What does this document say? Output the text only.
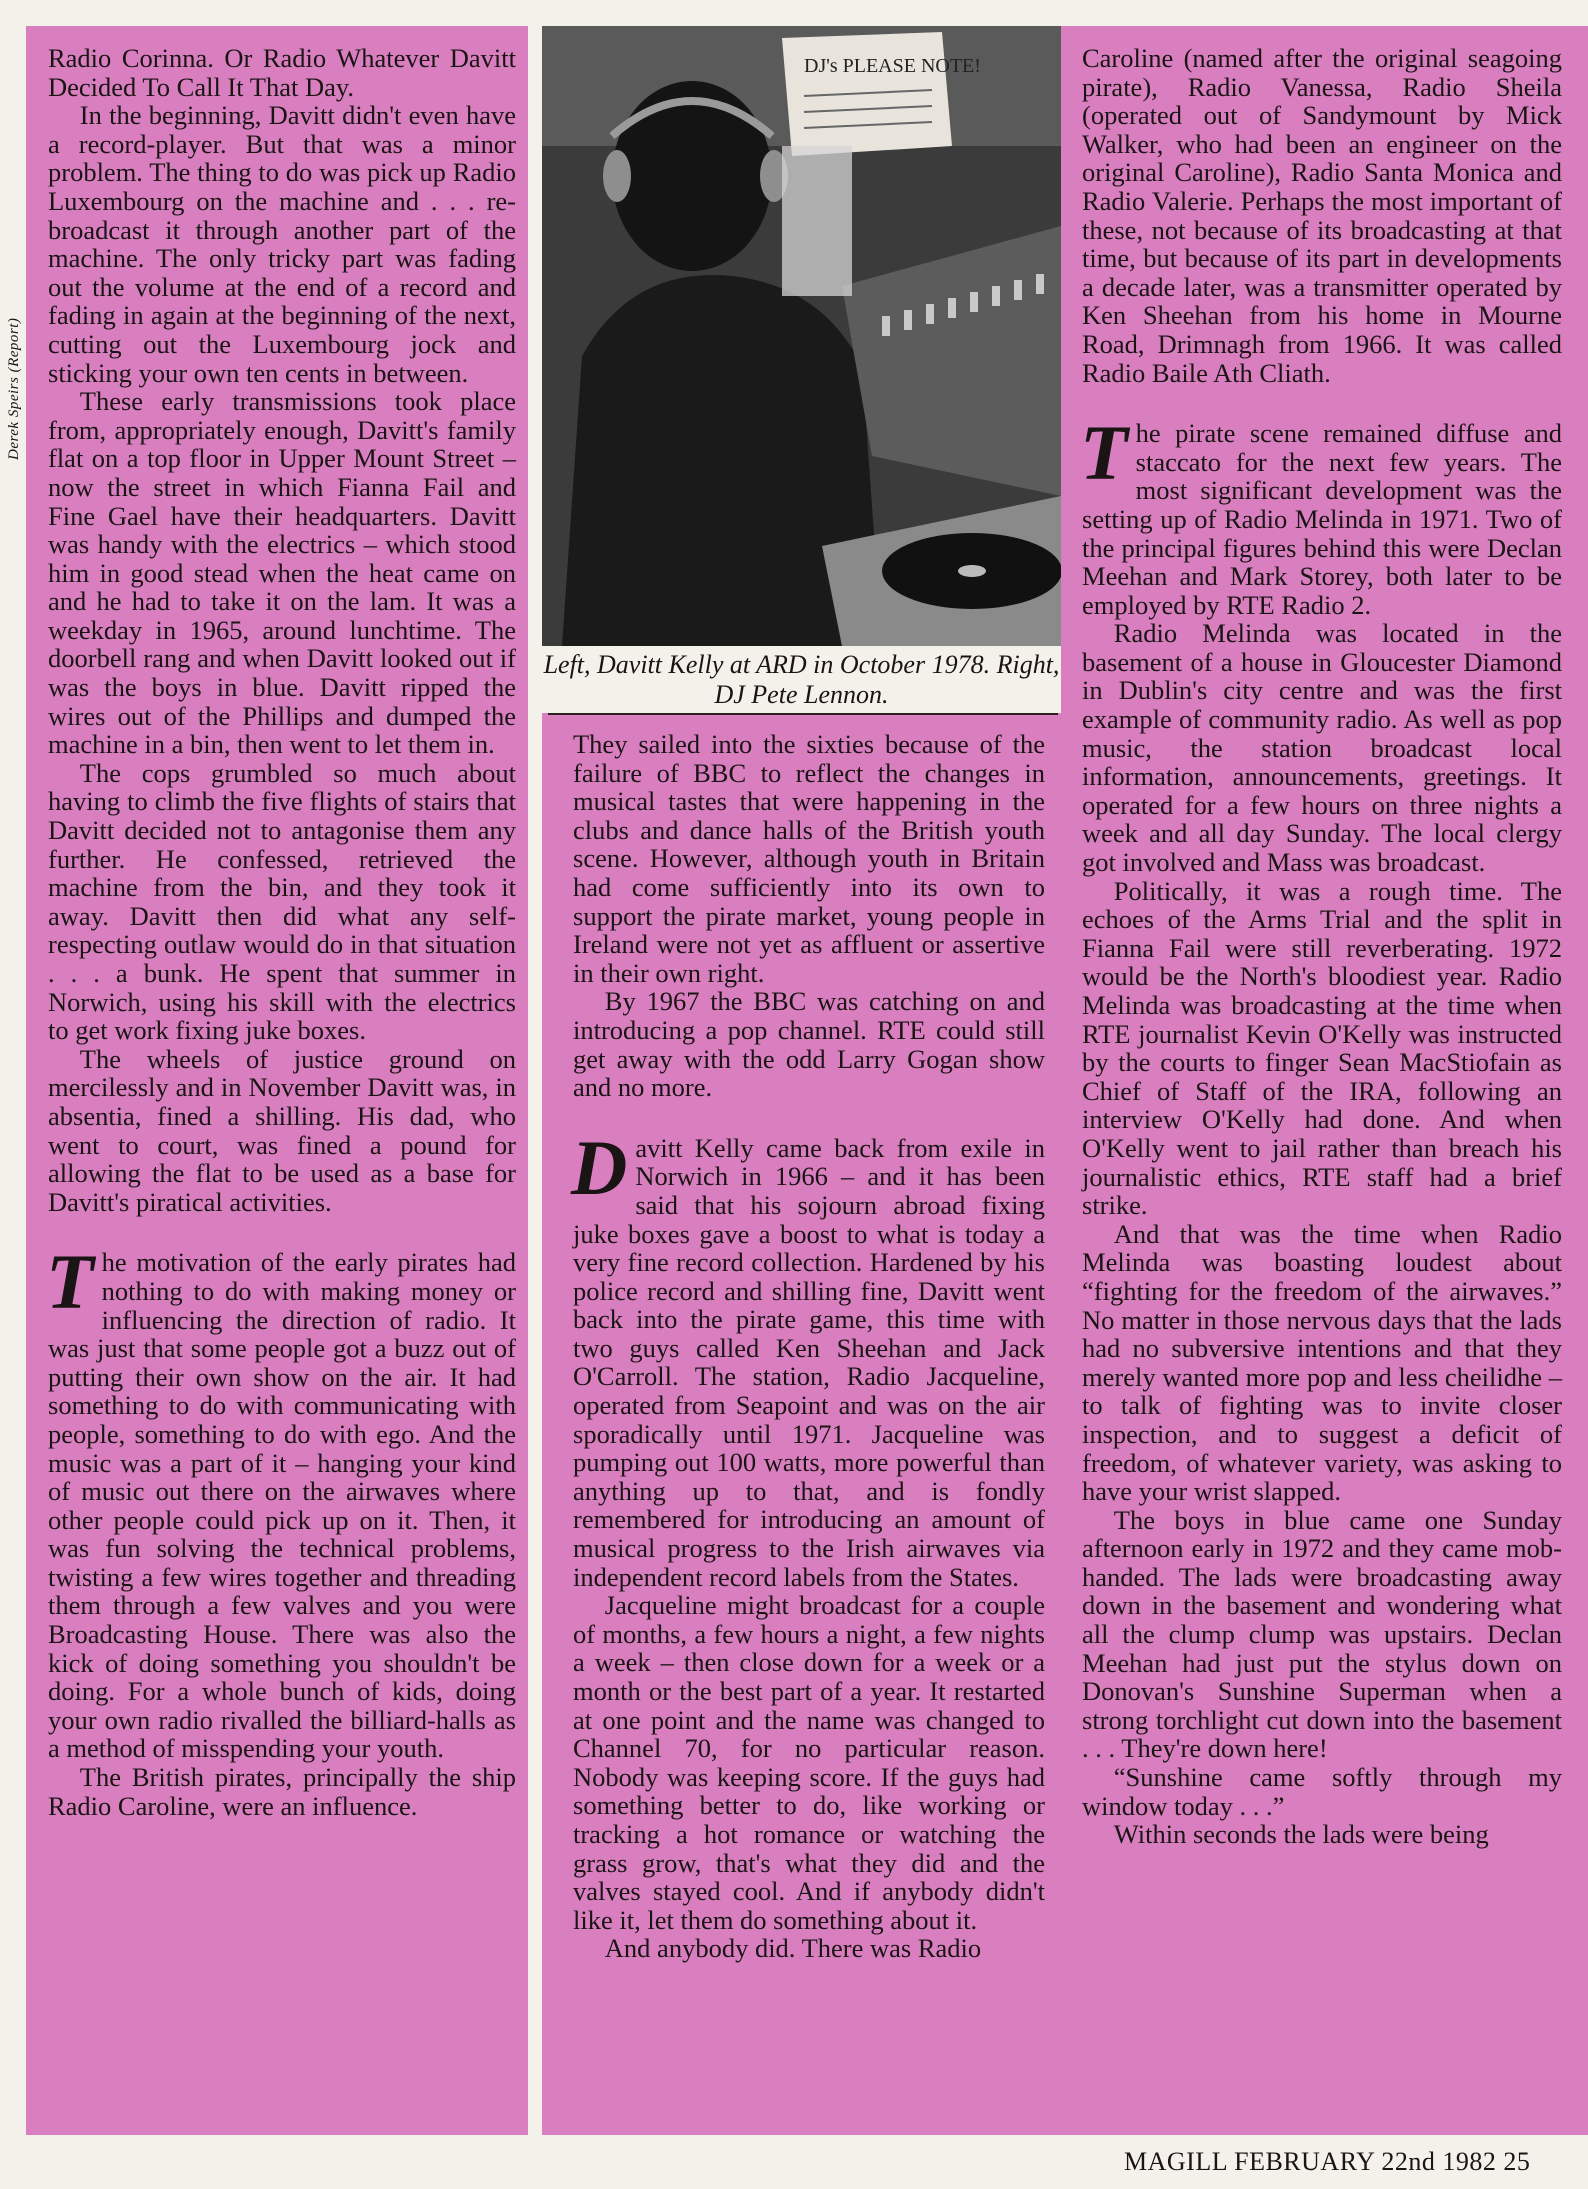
DJ's PLEASE NOTE!
Left, Davitt Kelly at ARD in October 1978. Right, DJ Pete Lennon.
Derek Speirs (Report)

Radio Corinna. Or Radio Whatever Davitt Decided To Call It That Day.

In the beginning, Davitt didn't even have a record-player. But that was a minor problem. The thing to do was pick up Radio Luxembourg on the machine and . . . re-broadcast it through another part of the machine. The only tricky part was fading out the volume at the end of a record and fading in again at the beginning of the next, cutting out the Luxembourg jock and sticking your own ten cents in between.

These early transmissions took place from, appropriately enough, Davitt's family flat on a top floor in Upper Mount Street – now the street in which Fianna Fail and Fine Gael have their headquarters. Davitt was handy with the electrics – which stood him in good stead when the heat came on and he had to take it on the lam. It was a weekday in 1965, around lunchtime. The doorbell rang and when Davitt looked out if was the boys in blue. Davitt ripped the wires out of the Phillips and dumped the machine in a bin, then went to let them in.

The cops grumbled so much about having to climb the five flights of stairs that Davitt decided not to antagonise them any further. He confessed, retrieved the machine from the bin, and they took it away. Davitt then did what any self-respecting outlaw would do in that situation . . . a bunk. He spent that summer in Norwich, using his skill with the electrics to get work fixing juke boxes.

The wheels of justice ground on mercilessly and in November Davitt was, in absentia, fined a shilling. His dad, who went to court, was fined a pound for allowing the flat to be used as a base for Davitt's piratical activities.

The motivation of the early pirates had nothing to do with making money or influencing the direction of radio. It was just that some people got a buzz out of putting their own show on the air. It had something to do with communicating with people, something to do with ego. And the music was a part of it – hanging your kind of music out there on the airwaves where other people could pick up on it. Then, it was fun solving the technical problems, twisting a few wires together and threading them through a few valves and you were Broadcasting House. There was also the kick of doing something you shouldn't be doing. For a whole bunch of kids, doing your own radio rivalled the billiard-halls as a method of misspending your youth.

The British pirates, principally the ship Radio Caroline, were an influence.

They sailed into the sixties because of the failure of BBC to reflect the changes in musical tastes that were happening in the clubs and dance halls of the British youth scene. However, although youth in Britain had come sufficiently into its own to support the pirate market, young people in Ireland were not yet as affluent or assertive in their own right.

By 1967 the BBC was catching on and introducing a pop channel. RTE could still get away with the odd Larry Gogan show and no more.

Davitt Kelly came back from exile in Norwich in 1966 – and it has been said that his sojourn abroad fixing juke boxes gave a boost to what is today a very fine record collection. Hardened by his police record and shilling fine, Davitt went back into the pirate game, this time with two guys called Ken Sheehan and Jack O'Carroll. The station, Radio Jacqueline, operated from Seapoint and was on the air sporadically until 1971. Jacqueline was pumping out 100 watts, more powerful than anything up to that, and is fondly remembered for introducing an amount of musical progress to the Irish airwaves via independent record labels from the States.

Jacqueline might broadcast for a couple of months, a few hours a night, a few nights a week – then close down for a week or a month or the best part of a year. It restarted at one point and the name was changed to Channel 70, for no particular reason. Nobody was keeping score. If the guys had something better to do, like working or tracking a hot romance or watching the grass grow, that's what they did and the valves stayed cool. And if anybody didn't like it, let them do something about it.

And anybody did. There was Radio

Caroline (named after the original seagoing pirate), Radio Vanessa, Radio Sheila (operated out of Sandymount by Mick Walker, who had been an engineer on the original Caroline), Radio Santa Monica and Radio Valerie. Perhaps the most important of these, not because of its broadcasting at that time, but because of its part in developments a decade later, was a transmitter operated by Ken Sheehan from his home in Mourne Road, Drimnagh from 1966. It was called Radio Baile Ath Cliath.

The pirate scene remained diffuse and staccato for the next few years. The most significant development was the setting up of Radio Melinda in 1971. Two of the principal figures behind this were Declan Meehan and Mark Storey, both later to be employed by RTE Radio 2.

Radio Melinda was located in the basement of a house in Gloucester Diamond in Dublin's city centre and was the first example of community radio. As well as pop music, the station broadcast local information, announcements, greetings. It operated for a few hours on three nights a week and all day Sunday. The local clergy got involved and Mass was broadcast.

Politically, it was a rough time. The echoes of the Arms Trial and the split in Fianna Fail were still reverberating. 1972 would be the North's bloodiest year. Radio Melinda was broadcasting at the time when RTE journalist Kevin O'Kelly was instructed by the courts to finger Sean MacStiofain as Chief of Staff of the IRA, following an interview O'Kelly had done. And when O'Kelly went to jail rather than breach his journalistic ethics, RTE staff had a brief strike.

And that was the time when Radio Melinda was boasting loudest about “fighting for the freedom of the airwaves.” No matter in those nervous days that the lads had no subversive intentions and that they merely wanted more pop and less cheilidhe – to talk of fighting was to invite closer inspection, and to suggest a deficit of freedom, of whatever variety, was asking to have your wrist slapped.

The boys in blue came one Sunday afternoon early in 1972 and they came mob-handed. The lads were broadcasting away down in the basement and wondering what all the clump clump was upstairs. Declan Meehan had just put the stylus down on Donovan's Sunshine Superman when a strong torchlight cut down into the basement . . . They're down here!

“Sunshine came softly through my window today . . .”

Within seconds the lads were being

MAGILL FEBRUARY 22nd 1982 25
